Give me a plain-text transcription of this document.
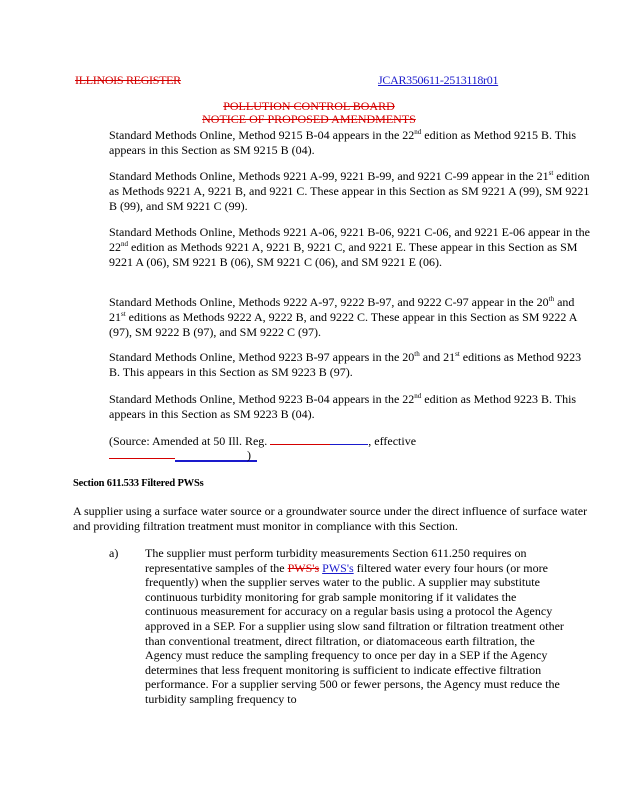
ILLINOIS REGISTER	JCAR350611-2513118r01
POLLUTION CONTROL BOARD
NOTICE OF PROPOSED AMENDMENTS
Standard Methods Online, Method 9215 B-04 appears in the 22nd edition as Method 9215 B. This appears in this Section as SM 9215 B (04).
Standard Methods Online, Methods 9221 A-99, 9221 B-99, and 9221 C-99 appear in the 21st edition as Methods 9221 A, 9221 B, and 9221 C. These appear in this Section as SM 9221 A (99), SM 9221 B (99), and SM 9221 C (99).
Standard Methods Online, Methods 9221 A-06, 9221 B-06, 9221 C-06, and 9221 E-06 appear in the 22nd edition as Methods 9221 A, 9221 B, 9221 C, and 9221 E. These appear in this Section as SM 9221 A (06), SM 9221 B (06), SM 9221 C (06), and SM 9221 E (06).
Standard Methods Online, Methods 9222 A-97, 9222 B-97, and 9222 C-97 appear in the 20th and 21st editions as Methods 9222 A, 9222 B, and 9222 C. These appear in this Section as SM 9222 A (97), SM 9222 B (97), and SM 9222 C (97).
Standard Methods Online, Method 9223 B-97 appears in the 20th and 21st editions as Method 9223 B. This appears in this Section as SM 9223 B (97).
Standard Methods Online, Method 9223 B-04 appears in the 22nd edition as Method 9223 B. This appears in this Section as SM 9223 B (04).
(Source: Amended at 50 Ill. Reg.	, effective
)
Section 611.533 Filtered PWSs
A supplier using a surface water source or a groundwater source under the direct influence of surface water and providing filtration treatment must monitor in compliance with this Section.
a) The supplier must perform turbidity measurements Section 611.250 requires on representative samples of the PWS's PWS's filtered water every four hours (or more frequently) when the supplier serves water to the public. A supplier may substitute continuous turbidity monitoring for grab sample monitoring if it validates the continuous measurement for accuracy on a regular basis using a protocol the Agency approved in a SEP. For a supplier using slow sand filtration or filtration treatment other than conventional treatment, direct filtration, or diatomaceous earth filtration, the Agency must reduce the sampling frequency to once per day in a SEP if the Agency determines that less frequent monitoring is sufficient to indicate effective filtration performance. For a supplier serving 500 or fewer persons, the Agency must reduce the turbidity sampling frequency to
